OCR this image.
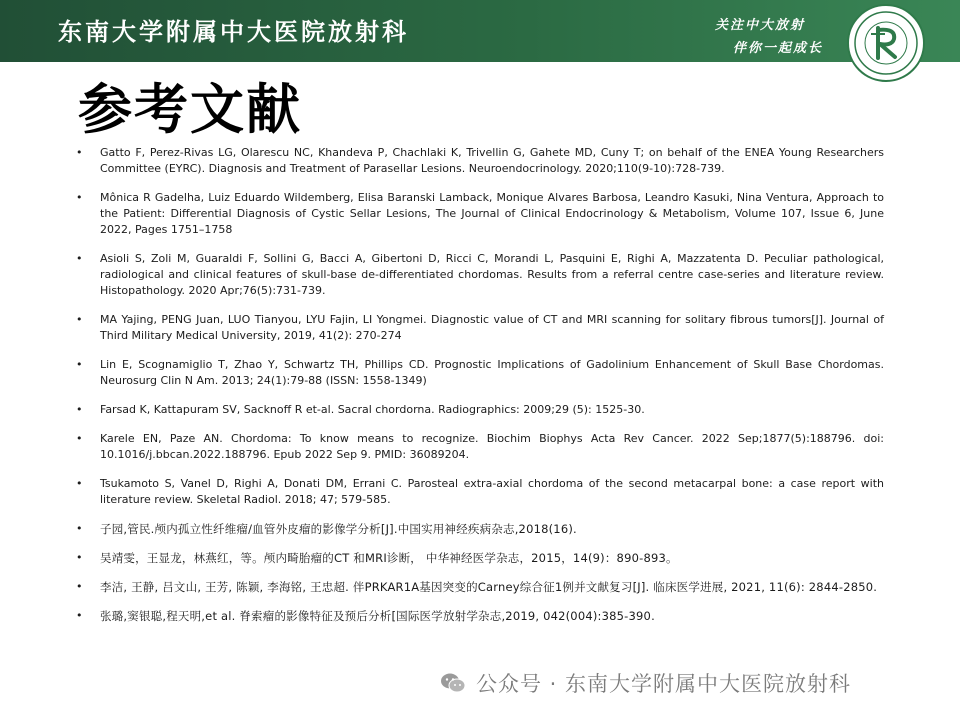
东南大学附属中大医院放射科	关注中大放射
伴你一起成长
参考文献
• Gatto F, Perez-Rivas LG, Olarescu NC, Khandeva P, Chachlaki K, Trivellin G, Gahete MD, Cuny T; on behalf of the ENEA Young Researchers Committee (EYRC). Diagnosis and Treatment of Parasellar Lesions. Neuroendocrinology. 2020;110(9-10):728-739.
• Mônica R Gadelha, Luiz Eduardo Wildemberg, Elisa Baranski Lamback, Monique Alvares Barbosa, Leandro Kasuki, Nina Ventura, Approach to the Patient: Differential Diagnosis of Cystic Sellar Lesions, The Journal of Clinical Endocrinology & Metabolism, Volume 107, Issue 6, June 2022, Pages 1751–1758
• Asioli S, Zoli M, Guaraldi F, Sollini G, Bacci A, Gibertoni D, Ricci C, Morandi L, Pasquini E, Righi A, Mazzatenta D. Peculiar pathological, radiological and clinical features of skull-base de-differentiated chordomas. Results from a referral centre case-series and literature review. Histopathology. 2020 Apr;76(5):731-739.
• MA Yajing, PENG Juan, LUO Tianyou, LYU Fajin, LI Yongmei. Diagnostic value of CT and MRI scanning for solitary fibrous tumors[J]. Journal of Third Military Medical University, 2019, 41(2): 270-274
• Lin E, Scognamiglio T, Zhao Y, Schwartz TH, Phillips CD. Prognostic Implications of Gadolinium Enhancement of Skull Base Chordomas. Neurosurg Clin N Am. 2013; 24(1):79-88 (ISSN: 1558-1349)
• Farsad K, Kattapuram SV, Sacknoff R et-al. Sacral chordorna. Radiographics: 2009;29 (5): 1525-30.
• Karele EN, Paze AN. Chordoma: To know means to recognize. Biochim Biophys Acta Rev Cancer. 2022 Sep;1877(5):188796. doi: 10.1016/j.bbcan.2022.188796. Epub 2022 Sep 9. PMID: 36089204.
• Tsukamoto S, Vanel D, Righi A, Donati DM, Errani C. Parosteal extra-axial chordoma of the second metacarpal bone: a case report with literature review. Skeletal Radiol. 2018; 47; 579-585.
• 子园,管民.颅内孤立性纤维瘤/血管外皮瘤的影像学分析[J].中国实用神经疾病杂志,2018(16).
• 吴靖雯，王显龙，林燕红，等。颅内畸胎瘤的CT 和MRI诊断， 中华神经医学杂志，2015，14(9)：890-893。
• 李洁, 王静, 吕文山, 王芳, 陈颖, 李海铭, 王忠超. 伴PRKAR1A基因突变的Carney综合征1例并文献复习[J]. 临床医学进展, 2021, 11(6): 2844-2850.
• 张璐,窦银聪,程天明,et al. 脊索瘤的影像特征及预后分析[国际医学放射学杂志,2019, 042(004):385-390.
公众号 · 东南大学附属中大医院放射科
